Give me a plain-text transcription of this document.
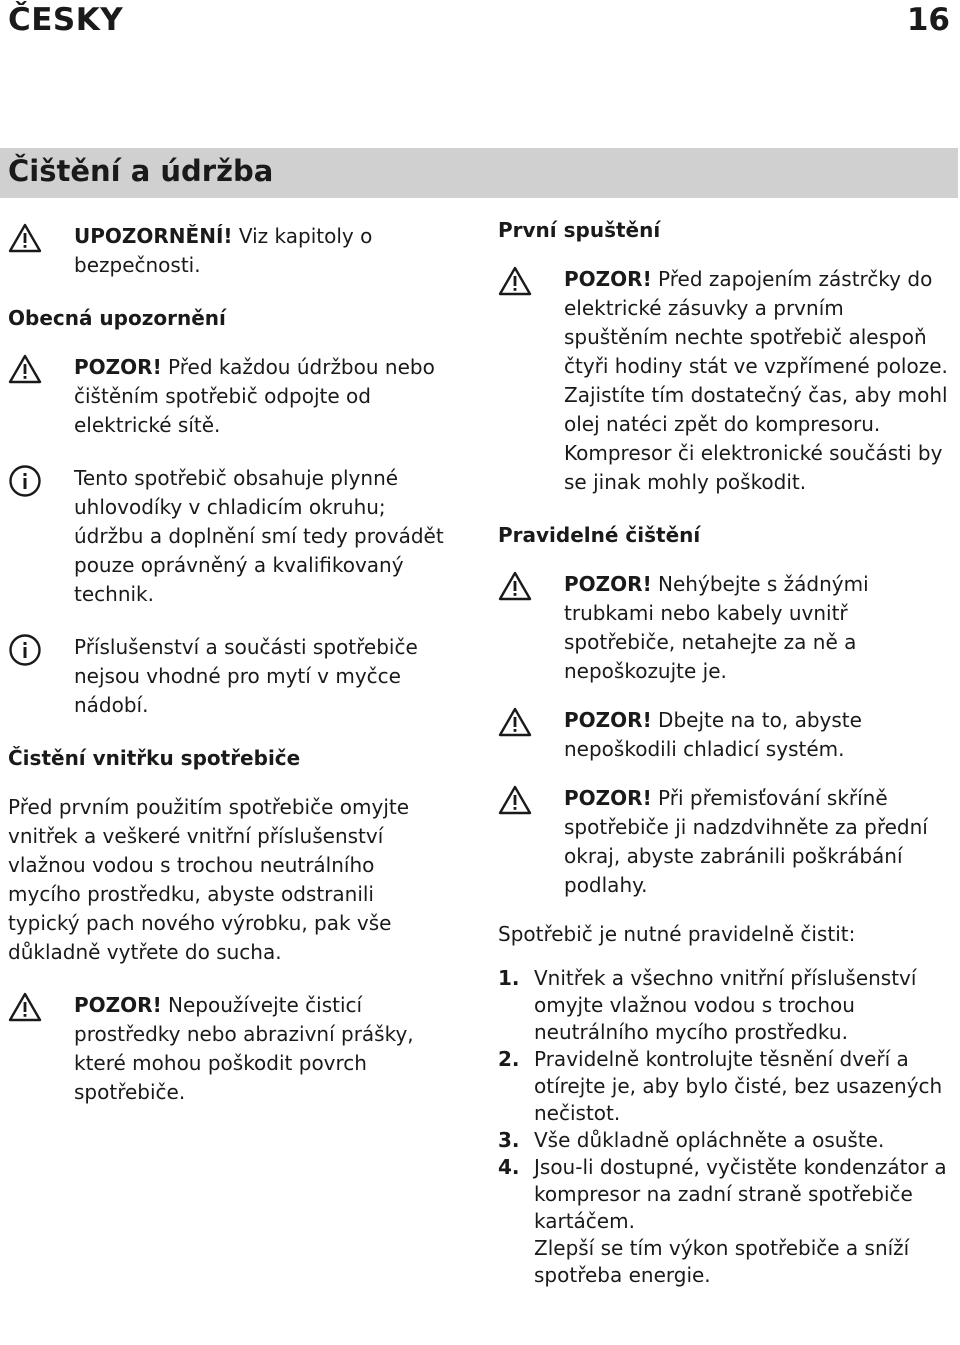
ČESKY	16
Čištění a údržba

UPOZORNĚNÍ! Viz kapitoly o bezpečnosti.

Obecná upozornění

POZOR! Před každou údržbou nebo čištěním spotřebič odpojte od elektrické sítě.

Tento spotřebič obsahuje plynné uhlovodíky v chladicím okruhu; údržbu a doplnění smí tedy provádět pouze oprávněný a kvalifikovaný technik.

Příslušenství a součásti spotřebiče nejsou vhodné pro mytí v myčce nádobí.

Čistění vnitřku spotřebiče

Před prvním použitím spotřebiče omyjte vnitřek a veškeré vnitřní příslušenství vlažnou vodou s trochou neutrálního mycího prostředku, abyste odstranili typický pach nového výrobku, pak vše důkladně vytřete do sucha.

POZOR! Nepoužívejte čisticí prostředky nebo abrazivní prášky, které mohou poškodit povrch spotřebiče.

První spuštění

POZOR! Před zapojením zástrčky do elektrické zásuvky a prvním spuštěním nechte spotřebič alespoň čtyři hodiny stát ve vzpřímené poloze. Zajistíte tím dostatečný čas, aby mohl olej natéci zpět do kompresoru. Kompresor či elektronické součásti by se jinak mohly poškodit.

Pravidelné čištění

POZOR! Nehýbejte s žádnými trubkami nebo kabely uvnitř spotřebiče, netahejte za ně a nepoškozujte je.

POZOR! Dbejte na to, abyste nepoškodili chladicí systém.

POZOR! Při přemisťování skříně spotřebiče ji nadzdvihněte za přední okraj, abyste zabránili poškrábání podlahy.

Spotřebič je nutné pravidelně čistit:

1. Vnitřek a všechno vnitřní příslušenství omyjte vlažnou vodou s trochou neutrálního mycího prostředku.
2. Pravidelně kontrolujte těsnění dveří a otírejte je, aby bylo čisté, bez usazených nečistot.
3. Vše důkladně opláchněte a osušte.
4. Jsou-li dostupné, vyčistěte kondenzátor a kompresor na zadní straně spotřebiče kartáčem.
Zlepší se tím výkon spotřebiče a sníží spotřeba energie.
